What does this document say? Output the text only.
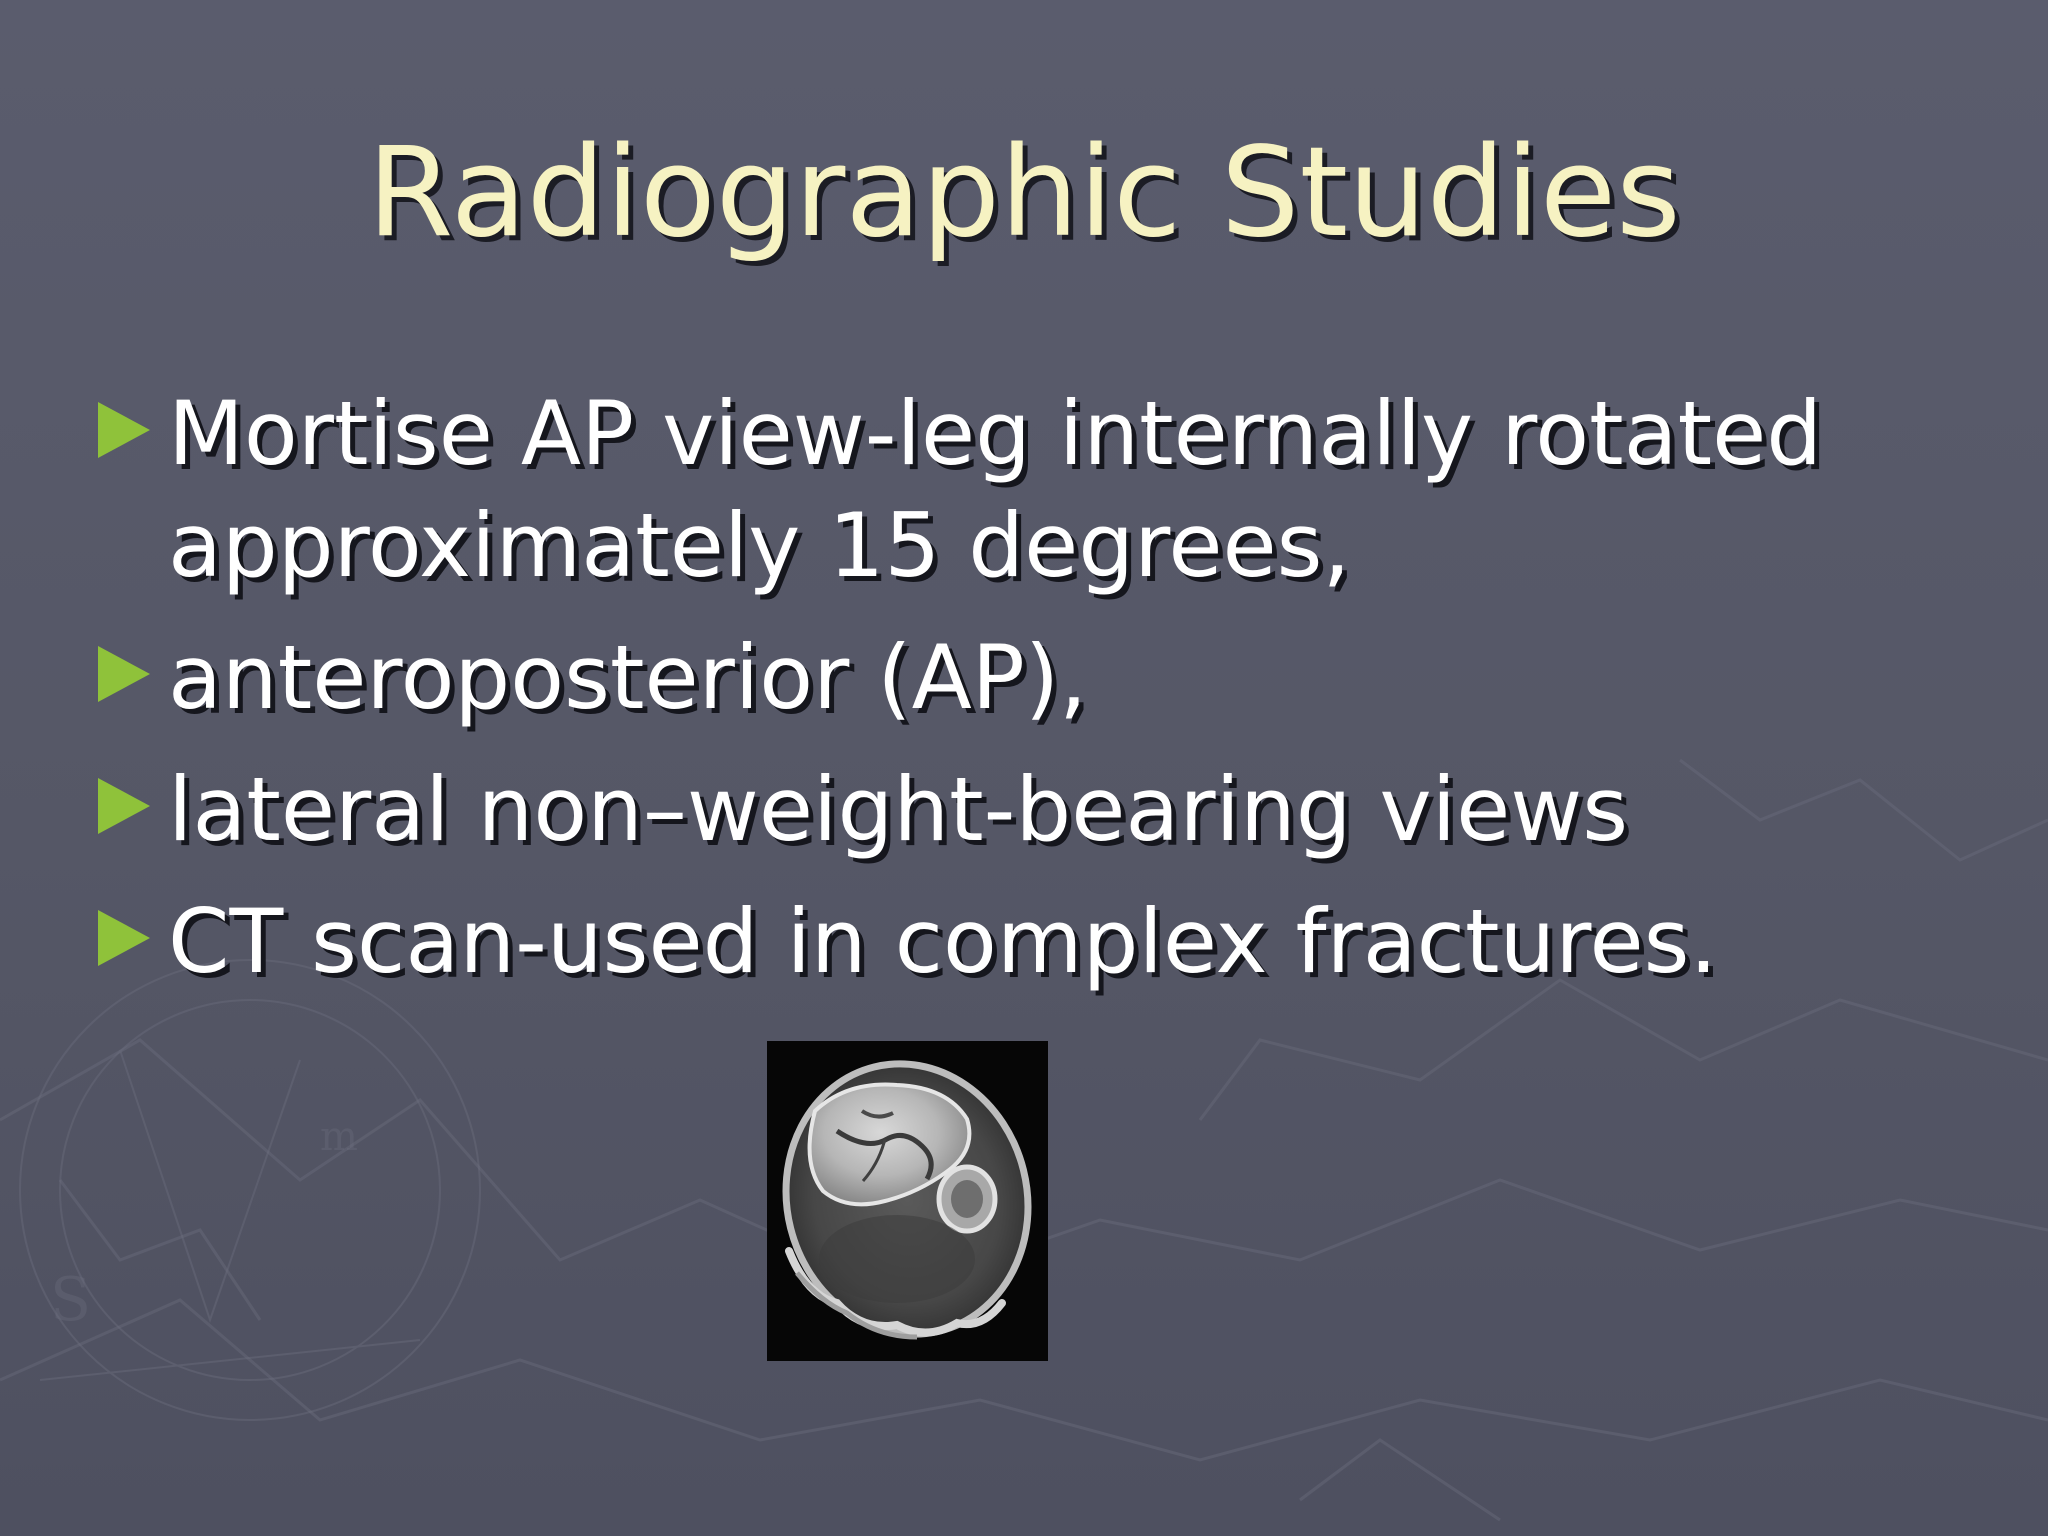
S
m
Radiographic Studies
Mortise AP view-leg internally rotated approximately 15 degrees,
anteroposterior (AP),
lateral non–weight-bearing views
CT scan-used in complex fractures.
